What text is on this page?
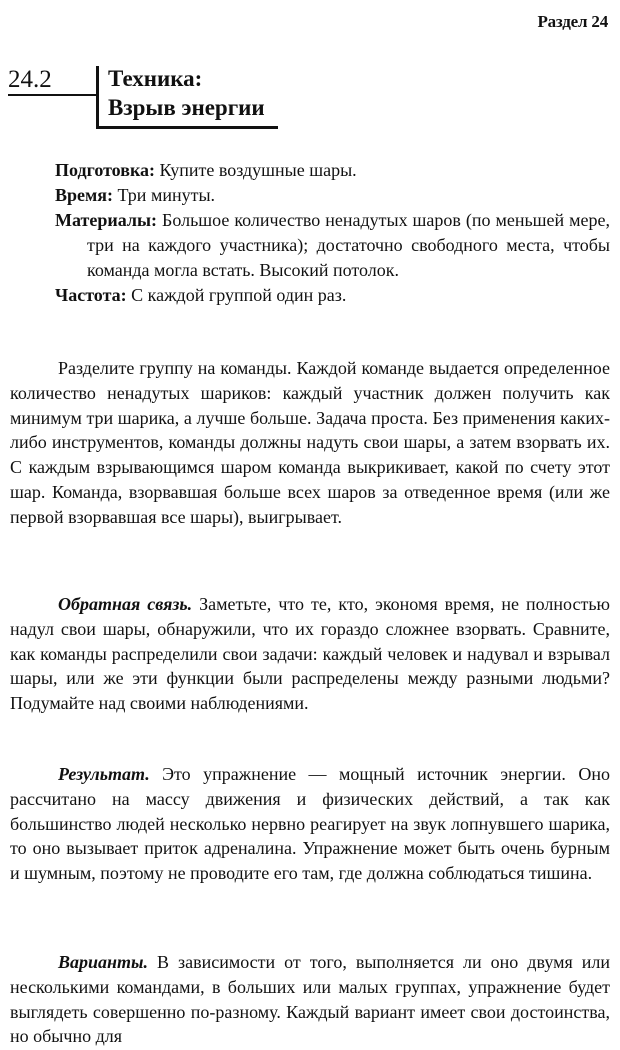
Раздел 24
24.2 Техника:
Взрыв энергии

Подготовка: Купите воздушные шары.

Время: Три минуты.

Материалы: Большое количество ненадутых шаров (по меньшей мере, три на каждого участника); достаточно свободного места, чтобы команда могла встать. Высокий потолок.

Частота: С каждой группой один раз.

Разделите группу на команды. Каждой команде выдается определенное количество ненадутых шариков: каждый участник должен получить как минимум три шарика, а лучше больше. Задача проста. Без применения каких-либо инструментов, команды должны надуть свои шары, а затем взорвать их. С каждым взрывающимся шаром команда выкрикивает, какой по счету этот шар. Команда, взорвавшая больше всех шаров за отведенное время (или же первой взорвавшая все шары), выигрывает.

Обратная связь. Заметьте, что те, кто, экономя время, не полностью надул свои шары, обнаружили, что их гораздо сложнее взорвать. Сравните, как команды распределили свои задачи: каждый человек и надувал и взрывал шары, или же эти функции были распределены между разными людьми? Подумайте над своими наблюдениями.

Результат. Это упражнение — мощный источник энергии. Оно рассчитано на массу движения и физических действий, а так как большинство людей несколько нервно реагирует на звук лопнувшего шарика, то оно вызывает приток адреналина. Упражнение может быть очень бурным и шумным, поэтому не проводите его там, где должна соблюдаться тишина.

Варианты. В зависимости от того, выполняется ли оно двумя или несколькими командами, в больших или малых группах, упражнение будет выглядеть совершенно по-разному. Каждый вариант имеет свои достоинства, но обычно для
